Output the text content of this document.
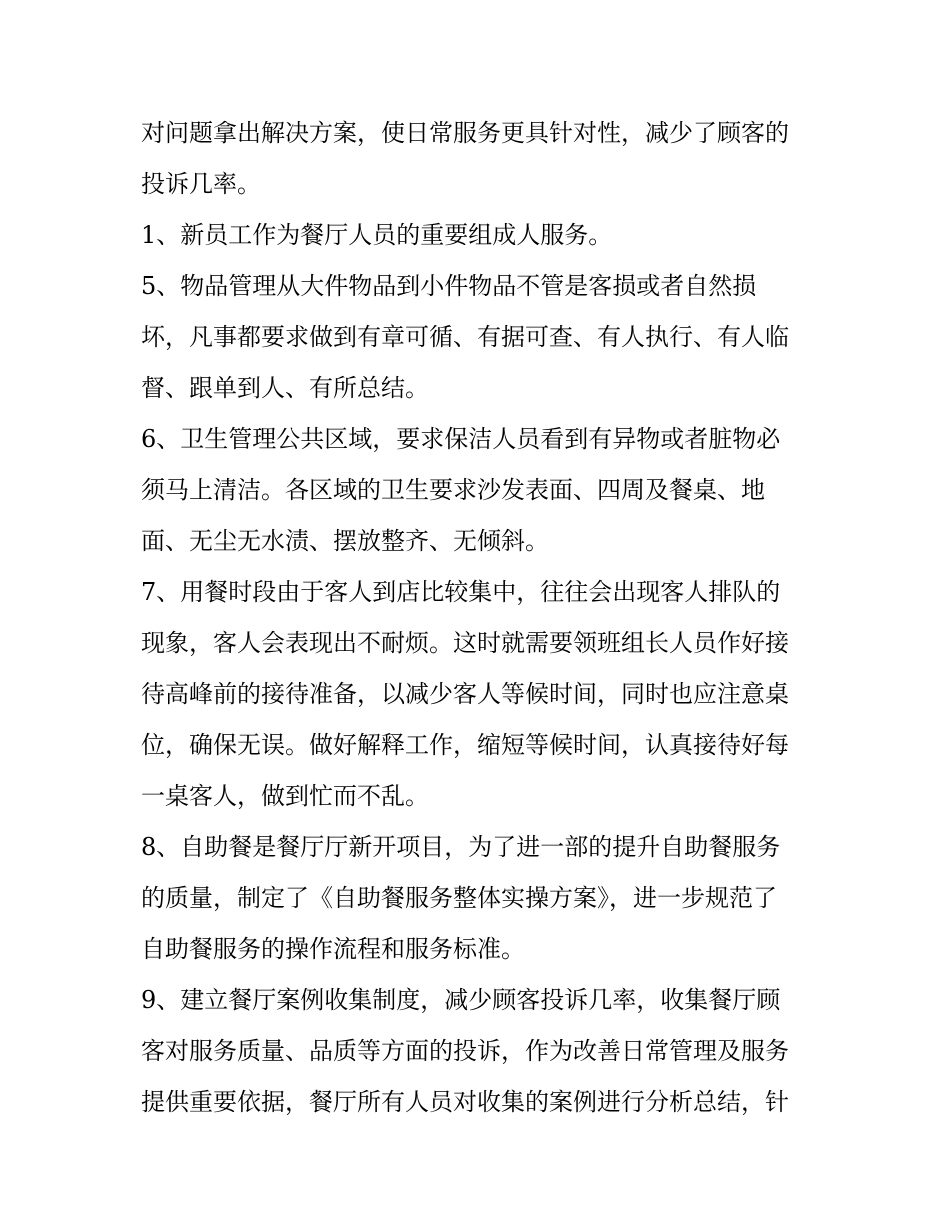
对问题拿出解决方案，使日常服务更具针对性，减少了顾客的
投诉几率。

1、新员工作为餐厅人员的重要组成人服务。

5、物品管理从大件物品到小件物品不管是客损或者自然损
坏，凡事都要求做到有章可循、有据可查、有人执行、有人临
督、跟单到人、有所总结。

6、卫生管理公共区域，要求保洁人员看到有异物或者脏物必
须马上清洁。各区域的卫生要求沙发表面、四周及餐桌、地
面、无尘无水渍、摆放整齐、无倾斜。

7、用餐时段由于客人到店比较集中，往往会出现客人排队的
现象，客人会表现出不耐烦。这时就需要领班组长人员作好接
待高峰前的接待准备，以减少客人等候时间，同时也应注意桌
位，确保无误。做好解释工作，缩短等候时间，认真接待好每
一桌客人，做到忙而不乱。

8、自助餐是餐厅厅新开项目，为了进一部的提升自助餐服务
的质量，制定了《自助餐服务整体实操方案》，进一步规范了
自助餐服务的操作流程和服务标准。

9、建立餐厅案例收集制度，减少顾客投诉几率，收集餐厅顾
客对服务质量、品质等方面的投诉，作为改善日常管理及服务
提供重要依据，餐厅所有人员对收集的案例进行分析总结，针
